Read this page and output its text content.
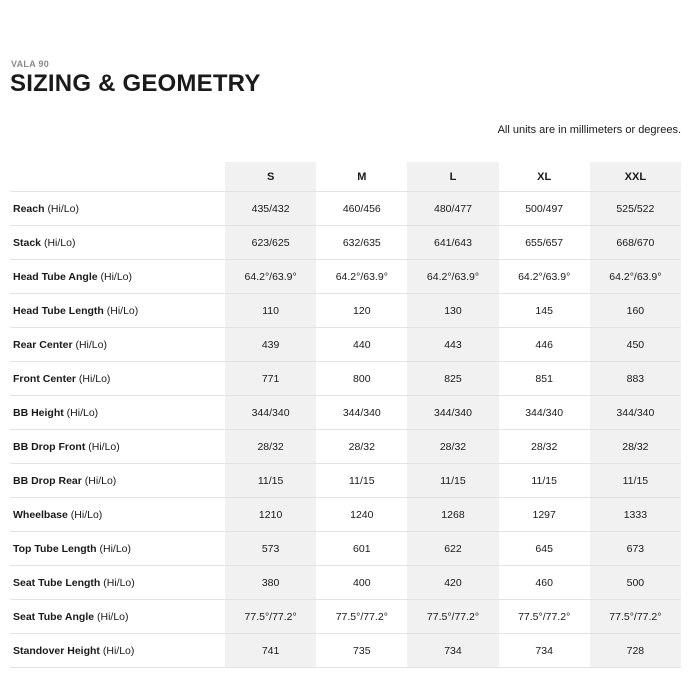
VALA 90
SIZING & GEOMETRY
All units are in millimeters or degrees.
	S	M	L	XL	XXL
Reach (Hi/Lo)	435/432	460/456	480/477	500/497	525/522
Stack (Hi/Lo)	623/625	632/635	641/643	655/657	668/670
Head Tube Angle (Hi/Lo)	64.2°/63.9°	64.2°/63.9°	64.2°/63.9°	64.2°/63.9°	64.2°/63.9°
Head Tube Length (Hi/Lo)	110	120	130	145	160
Rear Center (Hi/Lo)	439	440	443	446	450
Front Center (Hi/Lo)	771	800	825	851	883
BB Height (Hi/Lo)	344/340	344/340	344/340	344/340	344/340
BB Drop Front (Hi/Lo)	28/32	28/32	28/32	28/32	28/32
BB Drop Rear (Hi/Lo)	11/15	11/15	11/15	11/15	11/15
Wheelbase (Hi/Lo)	1210	1240	1268	1297	1333
Top Tube Length (Hi/Lo)	573	601	622	645	673
Seat Tube Length (Hi/Lo)	380	400	420	460	500
Seat Tube Angle (Hi/Lo)	77.5°/77.2°	77.5°/77.2°	77.5°/77.2°	77.5°/77.2°	77.5°/77.2°
Standover Height (Hi/Lo)	741	735	734	734	728
